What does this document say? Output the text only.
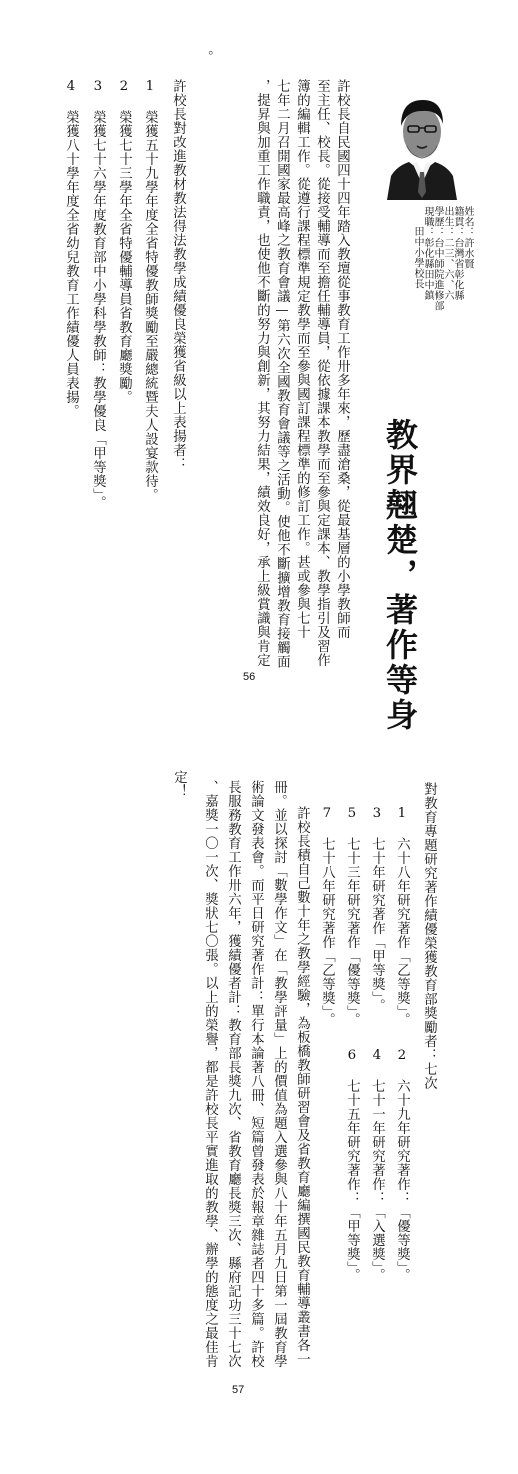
姓名：許水賢
籍貫：台灣省彰化縣
出生：二三、六、六
學歷：台中師院進修部
現職：彰化縣田中鎮
田中小學校長
教界翹楚，著作等身
許校長自民國四十四年踏入教壇從事教育工作卅多年來，歷盡滄桑，從最基層的小學教師而
至主任、校長。從接受輔導而至擔任輔導員，從依據課本教學而至參與定課本、教學指引及習作
簿的編輯工作。從遵行課程標準規定教學而至參與國訂課程標準的修訂工作。甚或參與七十
七年二月召開國家最高峰之教育會議—第六次全國教育會議等之活動。使他不斷擴增教育接觸面
，提昇與加重工作職責，也使他不斷的努力與創新，其努力結果，績效良好，承上級賞識與肯定
。
許校長對改進教材教法得法教學成績優良榮獲省級以上表揚者：
1 榮獲五十九學年度全省特優教師獎勵至嚴總統暨夫人設宴款待。
2 榮獲七十三學年全省特優輔導員省教育廳獎勵。
3 榮獲七十六學年度教育部中小學科學教師：教學優良「甲等獎」。
4 榮獲八十學年度全省幼兒教育工作績優人員表揚。
56
對教育專題研究著作績優榮獲教育部獎勵者：七次
1 六十八年研究著作「乙等獎」。　　2 六十九年研究著作：「優等獎」。
3 七十年研究著作「甲等獎」。　　　4 七十一年研究著作：「入選獎」。
5 七十三年研究著作「優等獎」。　　6 七十五年研究著作：「甲等獎」。
7 七十八年研究著作「乙等獎」。
許校長積自己數十年之教學經驗，為板橋教師研習會及省教育廳編撰國民教育輔導叢書各一
冊。並以探討「數學作文」在「教學評量」上的價值為題入選參與八十年五月九日第一屆教育學
術論文發表會。而平日研究著作計：單行本論著八冊、短篇曾發表於報章雜誌者四十多篇。許校
長服務教育工作卅六年，獲績優者計：教育部長獎九次、省教育廳長獎三次、縣府記功三十七次
、嘉獎一〇一次、獎狀七〇張。以上的榮譽，都是許校長平實進取的教學、辦學的態度之最佳肯
定！
57
